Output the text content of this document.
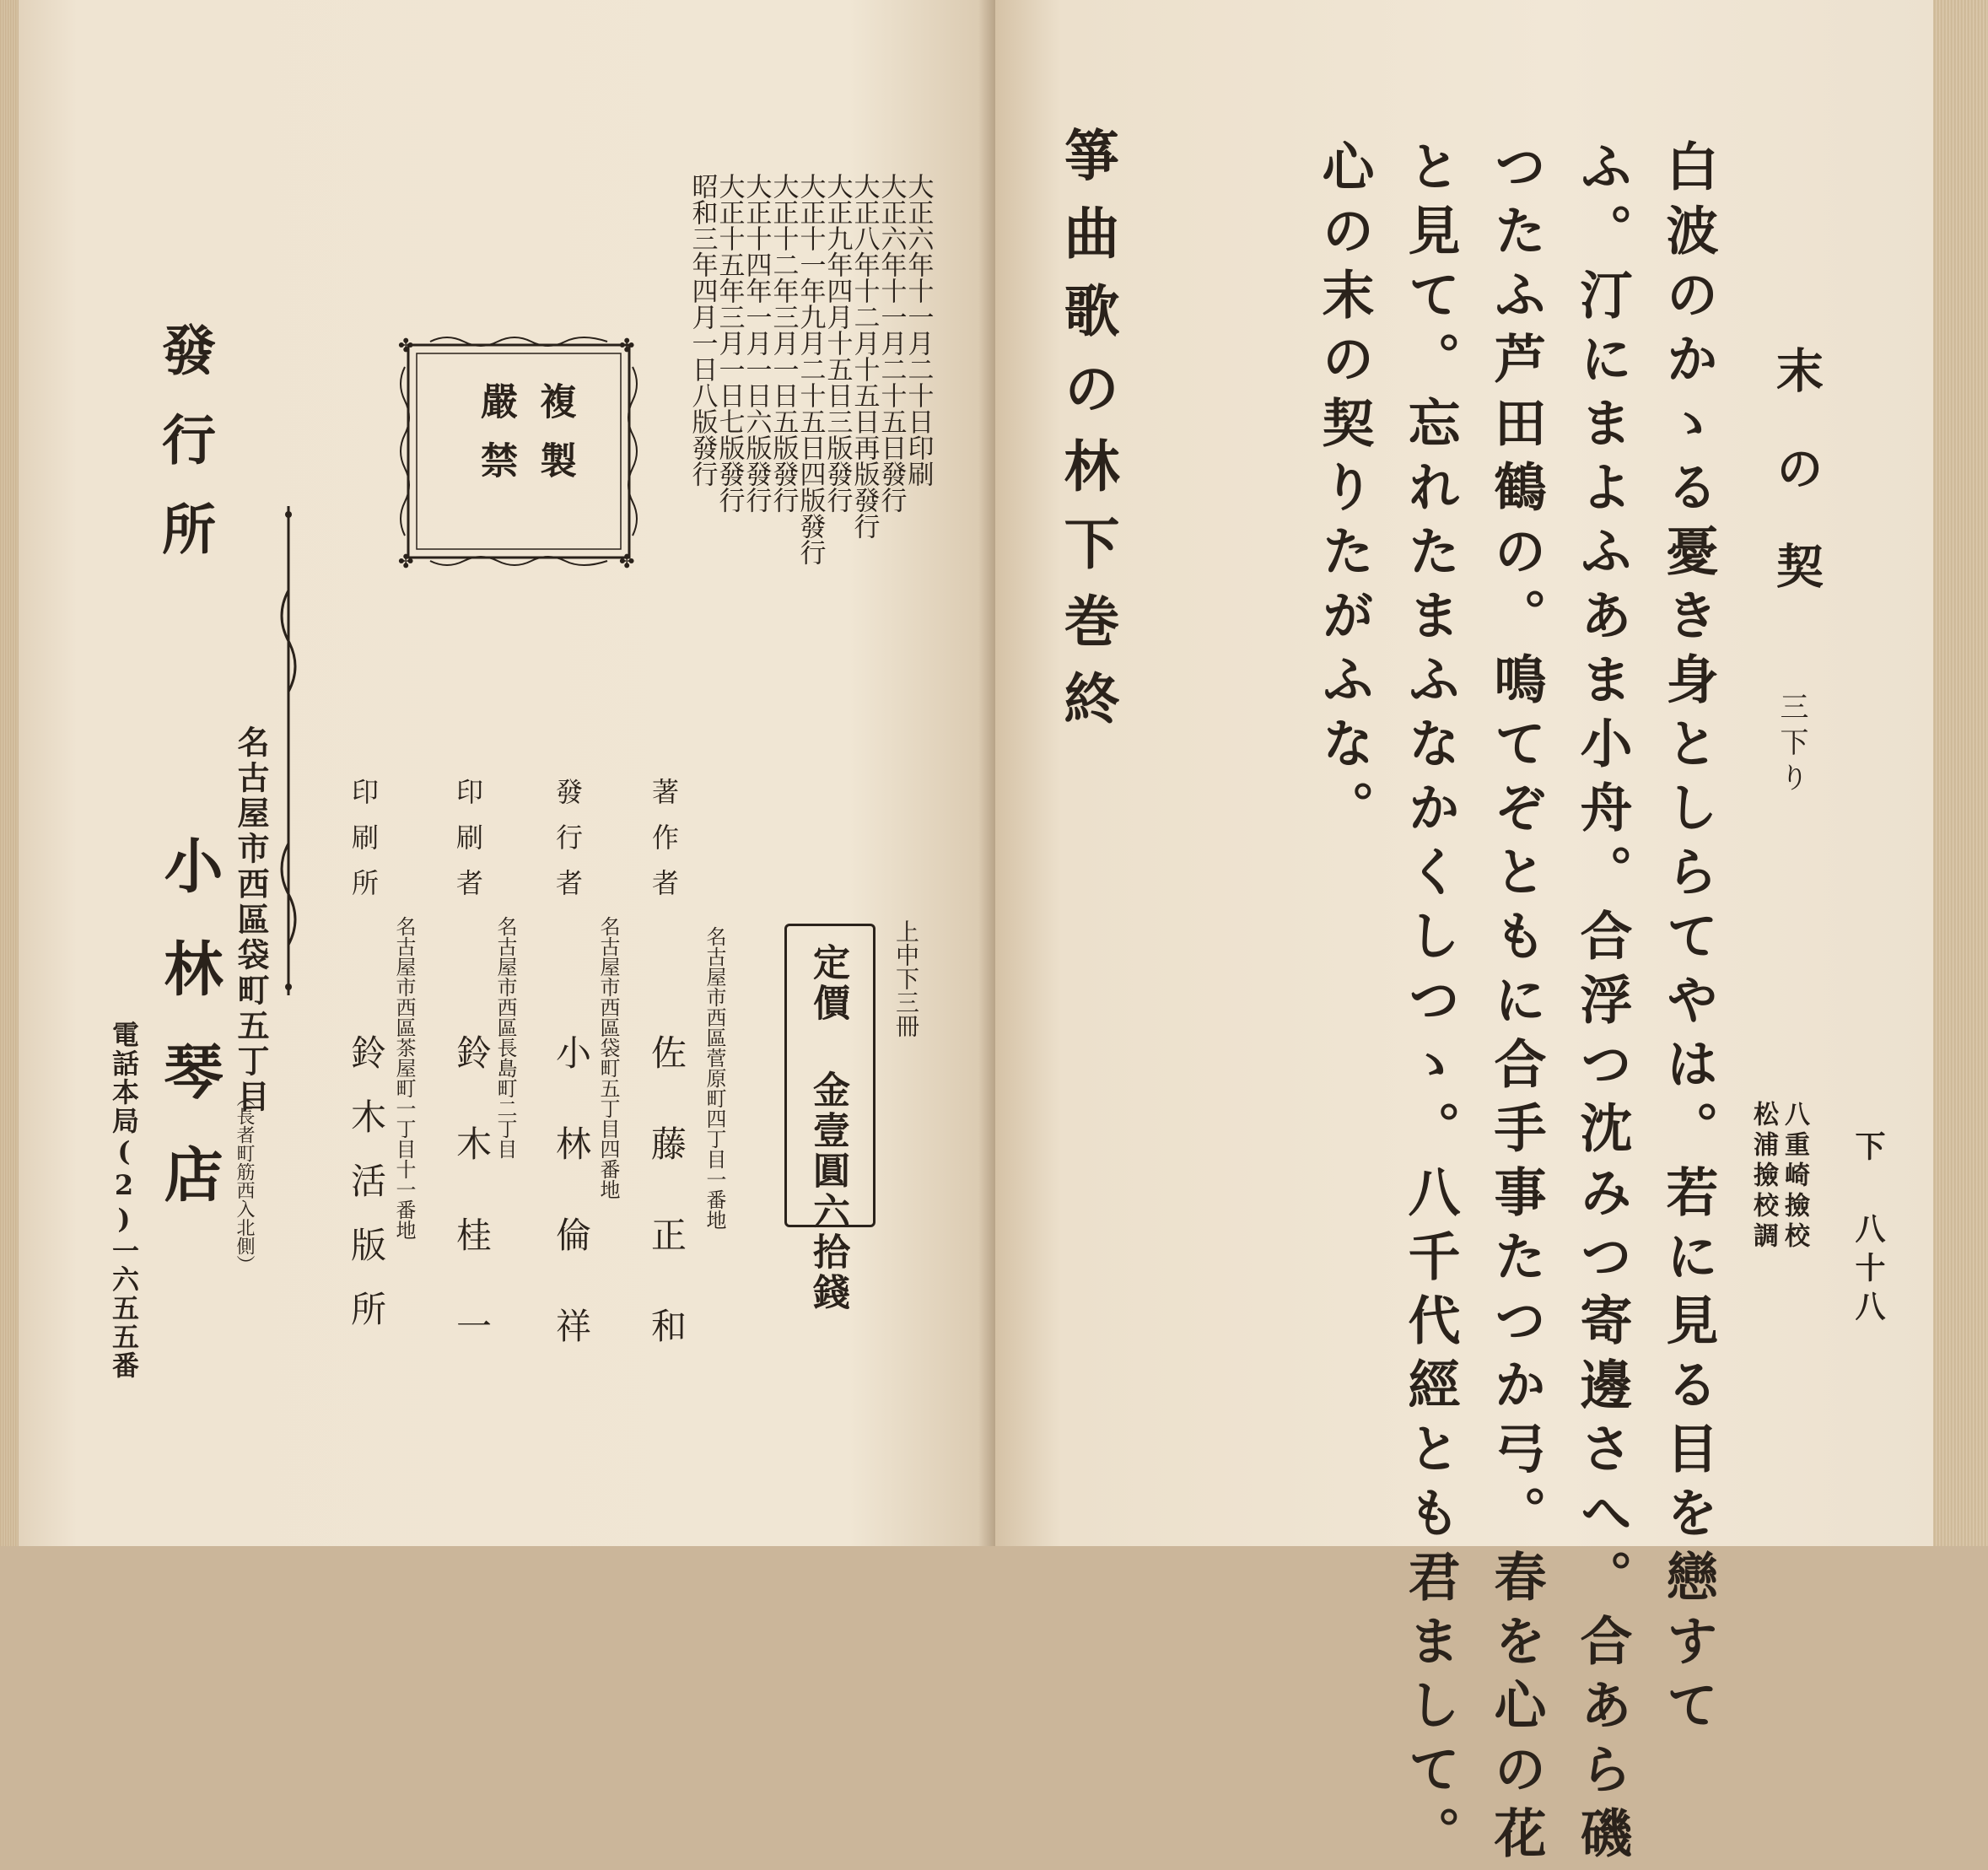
大正六年十一月二十日印刷
大正六年十一月二十五日發行
大正八年十二月十五日再版發行
大正九年四月十五日三版發行
大正十一年九月二十五日四版發行
大正十二年三月一日五版發行
大正十四年一月一日六版發行
大正十五年三月一日七版發行
昭和三年四月一日八版發行
✤	✤
✤	✤
複製
嚴禁
上中下三冊
定價 金壹圓六拾錢
名古屋市西區菅原町四丁目一番地
著作者
佐藤正和
名古屋市西區袋町五丁目四番地
發行者
小林倫祥
名古屋市西區長島町二丁目
印刷者
鈴木桂一
名古屋市西區茶屋町一丁目十一番地
印刷所
鈴木活版所
發行所
名古屋市西區袋町五丁目
（長者町筋西入北側）
小林琴店
電話本局(2)一六五五番	下 八十八
末の契
三下り
八重崎撿校
松浦撿校調
白波のかゝる憂き身としらてやは。若に見る目を戀すて
ふ。汀にまよふあま小舟。合浮つ沈みつ寄邊さへ。合あら磯
つたふ芦田鶴の。鳴てぞともに合手事たつか弓。春を心の花
と見て。忘れたまふなかくしつゝ。八千代經とも君まして。
心の末の契りたがふな。
箏曲歌の林下巻終
